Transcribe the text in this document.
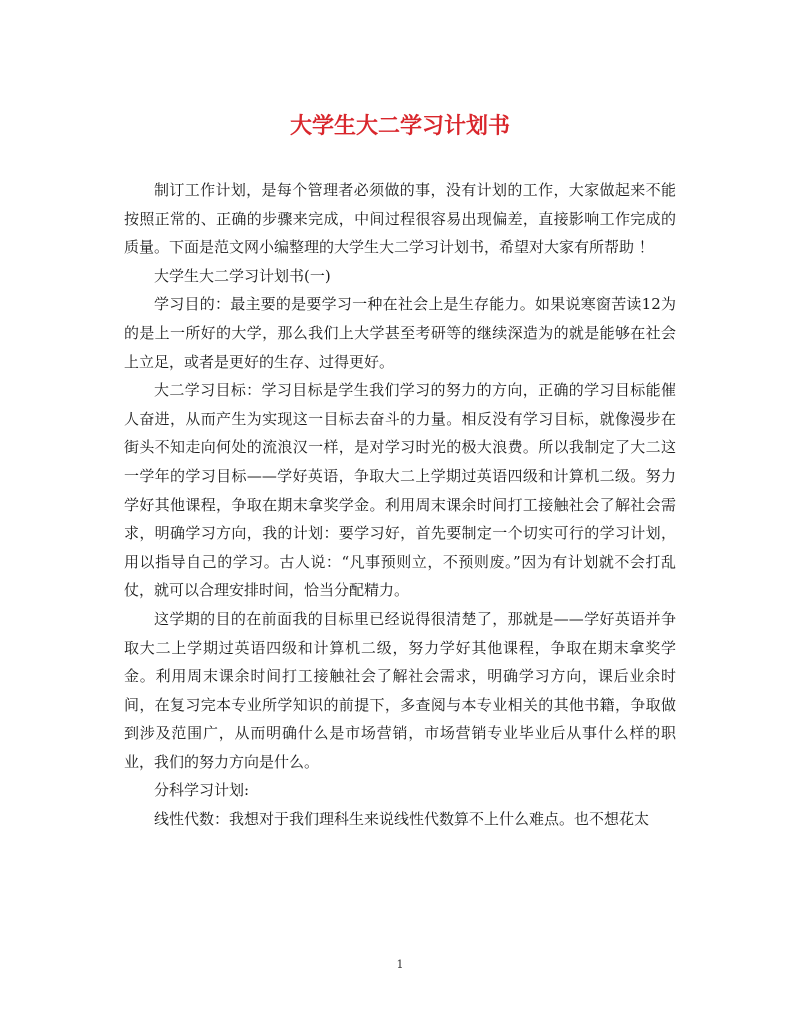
大学生大二学习计划书

制订工作计划，是每个管理者必须做的事，没有计划的工作，大家做起来不能按照正常的、正确的步骤来完成，中间过程很容易出现偏差，直接影响工作完成的质量。下面是范文网小编整理的大学生大二学习计划书，希望对大家有所帮助 ！

大学生大二学习计划书(一)

学习目的：最主要的是要学习一种在社会上是生存能力。如果说寒窗苦读12为的是上一所好的大学，那么我们上大学甚至考研等的继续深造为的就是能够在社会上立足，或者是更好的生存、过得更好。

大二学习目标：学习目标是学生我们学习的努力的方向，正确的学习目标能催人奋进，从而产生为实现这一目标去奋斗的力量。相反没有学习目标，就像漫步在街头不知走向何处的流浪汉一样，是对学习时光的极大浪费。所以我制定了大二这一学年的学习目标——学好英语，争取大二上学期过英语四级和计算机二级。努力学好其他课程，争取在期末拿奖学金。利用周末课余时间打工接触社会了解社会需求，明确学习方向，我的计划：要学习好，首先要制定一个切实可行的学习计划，用以指导自己的学习。古人说：“凡事预则立，不预则废。”因为有计划就不会打乱仗，就可以合理安排时间，恰当分配精力。

这学期的目的在前面我的目标里已经说得很清楚了，那就是——学好英语并争取大二上学期过英语四级和计算机二级，努力学好其他课程，争取在期末拿奖学金。利用周末课余时间打工接触社会了解社会需求，明确学习方向，课后业余时间，在复习完本专业所学知识的前提下，多查阅与本专业相关的其他书籍，争取做到涉及范围广，从而明确什么是市场营销，市场营销专业毕业后从事什么样的职业，我们的努力方向是什么。

分科学习计划:

线性代数：我想对于我们理科生来说线性代数算不上什么难点。也不想花太

1
